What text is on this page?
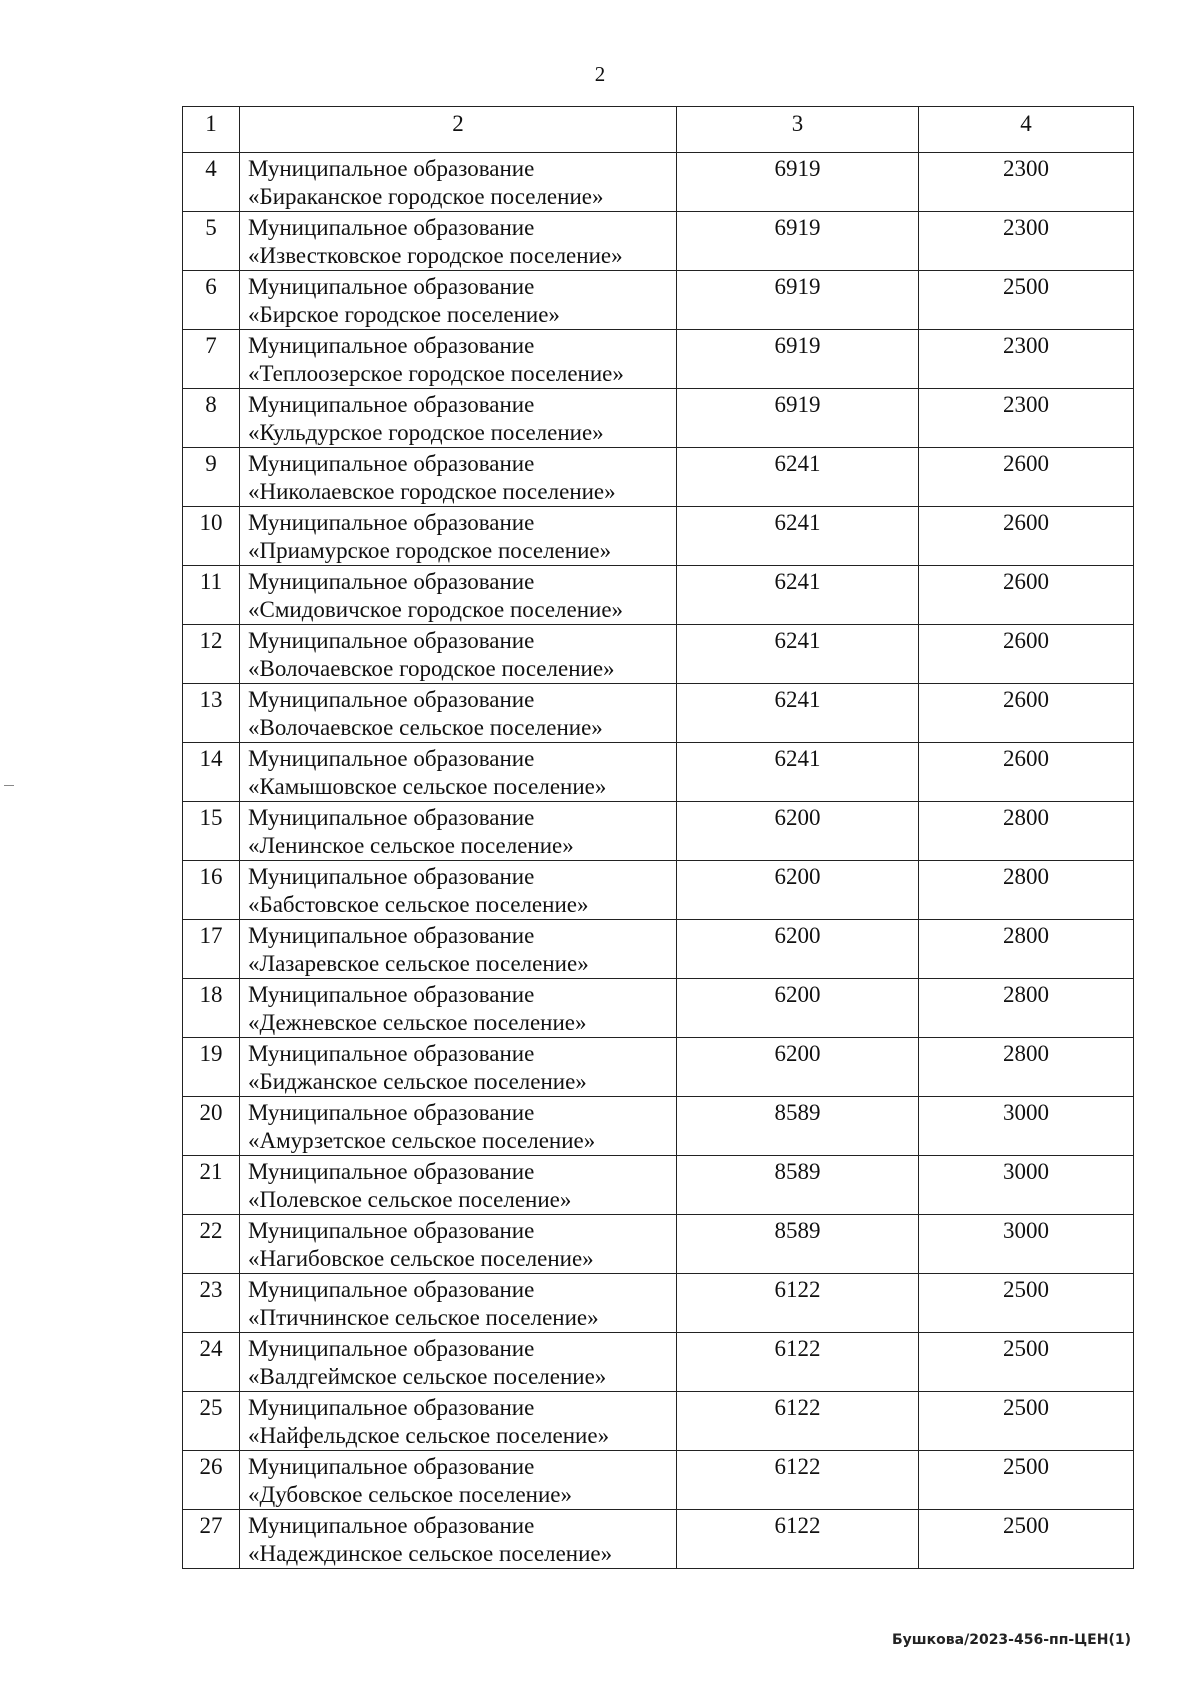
2
1	2	3	4
4	Муниципальное образование
«Бираканское городское поселение»	6919	2300
5	Муниципальное образование
«Известковское городское поселение»	6919	2300
6	Муниципальное образование
«Бирское городское поселение»	6919	2500
7	Муниципальное образование
«Теплоозерское городское поселение»	6919	2300
8	Муниципальное образование
«Кульдурское городское поселение»	6919	2300
9	Муниципальное образование
«Николаевское городское поселение»	6241	2600
10	Муниципальное образование
«Приамурское городское поселение»	6241	2600
11	Муниципальное образование
«Смидовичское городское поселение»	6241	2600
12	Муниципальное образование
«Волочаевское городское поселение»	6241	2600
13	Муниципальное образование
«Волочаевское сельское поселение»	6241	2600
14	Муниципальное образование
«Камышовское сельское поселение»	6241	2600
15	Муниципальное образование
«Ленинское сельское поселение»	6200	2800
16	Муниципальное образование
«Бабстовское сельское поселение»	6200	2800
17	Муниципальное образование
«Лазаревское сельское поселение»	6200	2800
18	Муниципальное образование
«Дежневское сельское поселение»	6200	2800
19	Муниципальное образование
«Биджанское сельское поселение»	6200	2800
20	Муниципальное образование
«Амурзетское сельское поселение»	8589	3000
21	Муниципальное образование
«Полевское сельское поселение»	8589	3000
22	Муниципальное образование
«Нагибовское сельское поселение»	8589	3000
23	Муниципальное образование
«Птичнинское сельское поселение»	6122	2500
24	Муниципальное образование
«Валдгеймское сельское поселение»	6122	2500
25	Муниципальное образование
«Найфельдское сельское поселение»	6122	2500
26	Муниципальное образование
«Дубовское сельское поселение»	6122	2500
27	Муниципальное образование
«Надеждинское сельское поселение»	6122	2500
Бушкова/2023-456-пп-ЦЕН(1)
